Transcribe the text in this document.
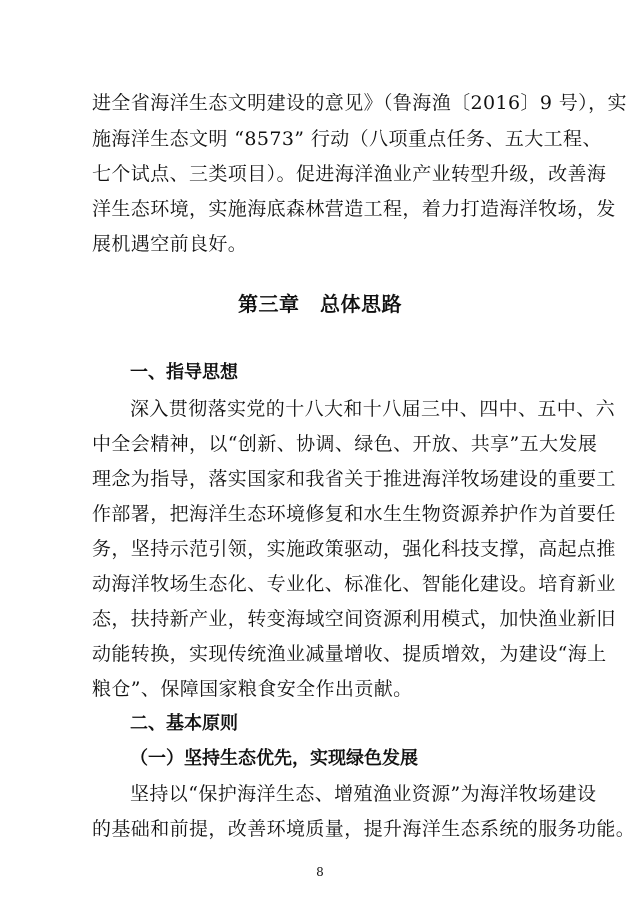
进全省海洋生态文明建设的意见》（鲁海渔〔2016〕9 号），实
施海洋生态文明 “8573” 行动（八项重点任务、五大工程、
七个试点、三类项目）。促进海洋渔业产业转型升级，改善海
洋生态环境，实施海底森林营造工程，着力打造海洋牧场，发
展机遇空前良好。
第三章　总体思路
一、指导思想
深入贯彻落实党的十八大和十八届三中、四中、五中、六
中全会精神，以“创新、协调、绿色、开放、共享”五大发展
理念为指导，落实国家和我省关于推进海洋牧场建设的重要工
作部署，把海洋生态环境修复和水生生物资源养护作为首要任
务，坚持示范引领，实施政策驱动，强化科技支撑，高起点推
动海洋牧场生态化、专业化、标准化、智能化建设。培育新业
态，扶持新产业，转变海域空间资源利用模式，加快渔业新旧
动能转换，实现传统渔业减量增收、提质增效，为建设“海上
粮仓”、保障国家粮食安全作出贡献。
二、基本原则
（一）坚持生态优先，实现绿色发展
坚持以“保护海洋生态、增殖渔业资源”为海洋牧场建设
的基础和前提，改善环境质量，提升海洋生态系统的服务功能。
8
